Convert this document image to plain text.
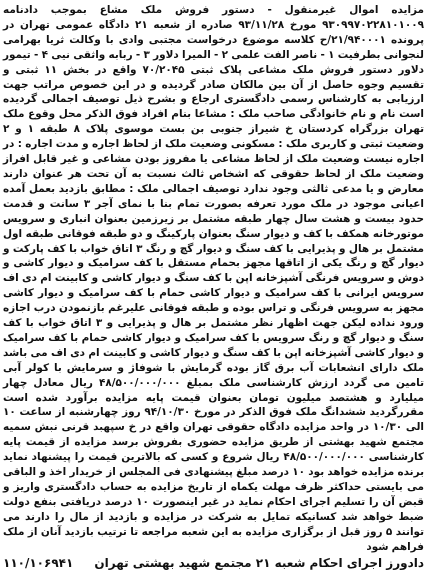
مزایده اموال غیرمنقول - دستور فروش ملک مشاع بموجب دادنامه ۹۳۰۹۹۷۰۲۲۸۱۰۱۰۰۹ مورخ ۹۳/۱۱/۲۸ صادره از شعبه ۲۱ دادگاه عمومی تهران در پرونده ۲۱/۹۴۰۰۰۱/ح کلاسه موضوع درخواست مجتبی وادی با وکالت ثریا بهرامی لنجوانی بطرفیت ۱ - ناصر الفت علمی ۲ - المیرا دلاور ۳ - ربابه واثقی نیی ۴ - تیمور دلاور دستور فروش ملک مشاعی پلاک ثبتی ۷۰/۲۰۴۵ واقع در بخش ۱۱ ثبتی و تقسیم وجوه حاصل از آن بین مالکان صادر گردیده و در این خصوص مراتب جهت ارزیابی به کارشناس رسمی دادگستری ارجاع و بشرح ذیل توصیف اجمالی گردیده است نام و نام خانوادگی صاحب ملک : مشاعا بنام افراد فوق الذکر محل وقوع ملک تهران بزرگراه کردستان خ شیراز جنوبی بن بست موسوی پلاک ۸ طبقه ۱ و ۲ وضعیت ثبتی و کاربری ملک : مسکونی وضعیت ملک از لحاظ اجاره و مدت اجاره : در اجاره نیست وضعیت ملک از لحاظ مشاعی یا مفروز بودن مشاعی و غیر قابل افراز وضعیت ملک از لحاظ حقوقی که اشخاص ثالث نسبت به آن تحت هر عنوان دارند معارض و یا مدعی ثالثی وجود ندارد توصیف اجمالی ملک : مطابق بازدید بعمل آمده اعیانی موجود در ملک مورد تعرفه بصورت تمام بنا با نمای آجر ۳ سانت و قدمت حدود بیست و هشت سال چهار طبقه مشتمل بر زیرزمین بعنوان انباری و سرویس موتورخانه همکف با کف و دیوار سنگ بعنوان پارکینگ و دو طبقه فوقانی طبقه اول مشتمل بر هال و پذیرایی با کف سنگ و دیوار گچ و رنگ ۳ اتاق خواب با کف پارکت و دیوار گچ و رنگ یکی از اتاقها مجهز بحمام مستقل با کف سرامیک و دیوار کاشی و دوش و سرویس فرنگی آشپزخانه اپن با کف سنگ و دیوار کاشی و کابینت ام دی اف سرویس ایرانی با کف سرامیک و دیوار کاشی حمام با کف سرامیک و دیوار کاشی مجهز به سرویس فرنگی و تراس بوده و طبقه فوقانی علیرغم بازنمودن درب اجازه ورود نداده لیکن جهت اظهار نظر مشتمل بر هال و پذیرایی و ۳ اتاق خواب با کف سنگ و دیوار گچ و رنگ سرویس با کف سرامیک و دیوار کاشی حمام با کف سرامیک و دیوار کاشی آشپزخانه اپن با کف سنگ و دیوار کاشی و کابینت ام دی اف می باشد ملک دارای انشعابات آب برق گاز بوده گرمایش با شوفاژ و سرمایش با کولر آبی تامین می گردد ارزش کارشناسی ملک بمبلغ ۴۸/۵۰۰/۰۰۰/۰۰۰ ریال معادل چهار میلیارد و هشتصد میلیون تومان بعنوان قیمت پایه مزایده برآورد شده است مقررگردید ششدانگ ملک فوق الذکر در مورخ ۹۴/۱۰/۳۰ روز چهارشنبه از ساعت ۱۰ الی ۱۰/۳۰ در واحد مزایده دادگاه حقوقی تهران واقع در خ سپهبد قرنی نبش سمیه مجتمع شهید بهشتی از طریق مزایده حضوری بفروش برسد مزایده از قیمت پایه کارشناسی ۴۸/۵۰۰/۰۰۰/۰۰۰ ریال شروع و کسی که بالاترین قیمت را پیشنهاد نماید برنده مزایده خواهد بود ۱۰ درصد مبلغ پیشنهادی فی المجلس از خریدار اخذ و الباقی می بایستی حداکثر ظرف مهلت یکماه از تاریخ مزایده به حساب دادگستری واریز و قبض آن را تسلیم اجرای احکام نماید در غیر اینصورت ۱۰ درصد دریافتی بنفع دولت ضبط خواهد شد کسانیکه تمایل به شرکت در مزایده و بازدید از مال را دارند می توانند ۵ روز قبل از برگزاری مزایده به این شعبه مراجعه تا ترتیب بازدید آنان از ملک فراهم شود

دادورز اجرای احکام شعبه ۲۱ مجتمع شهید بهشتی تهران
۱۱۰/۱۰۶۹۴۱
